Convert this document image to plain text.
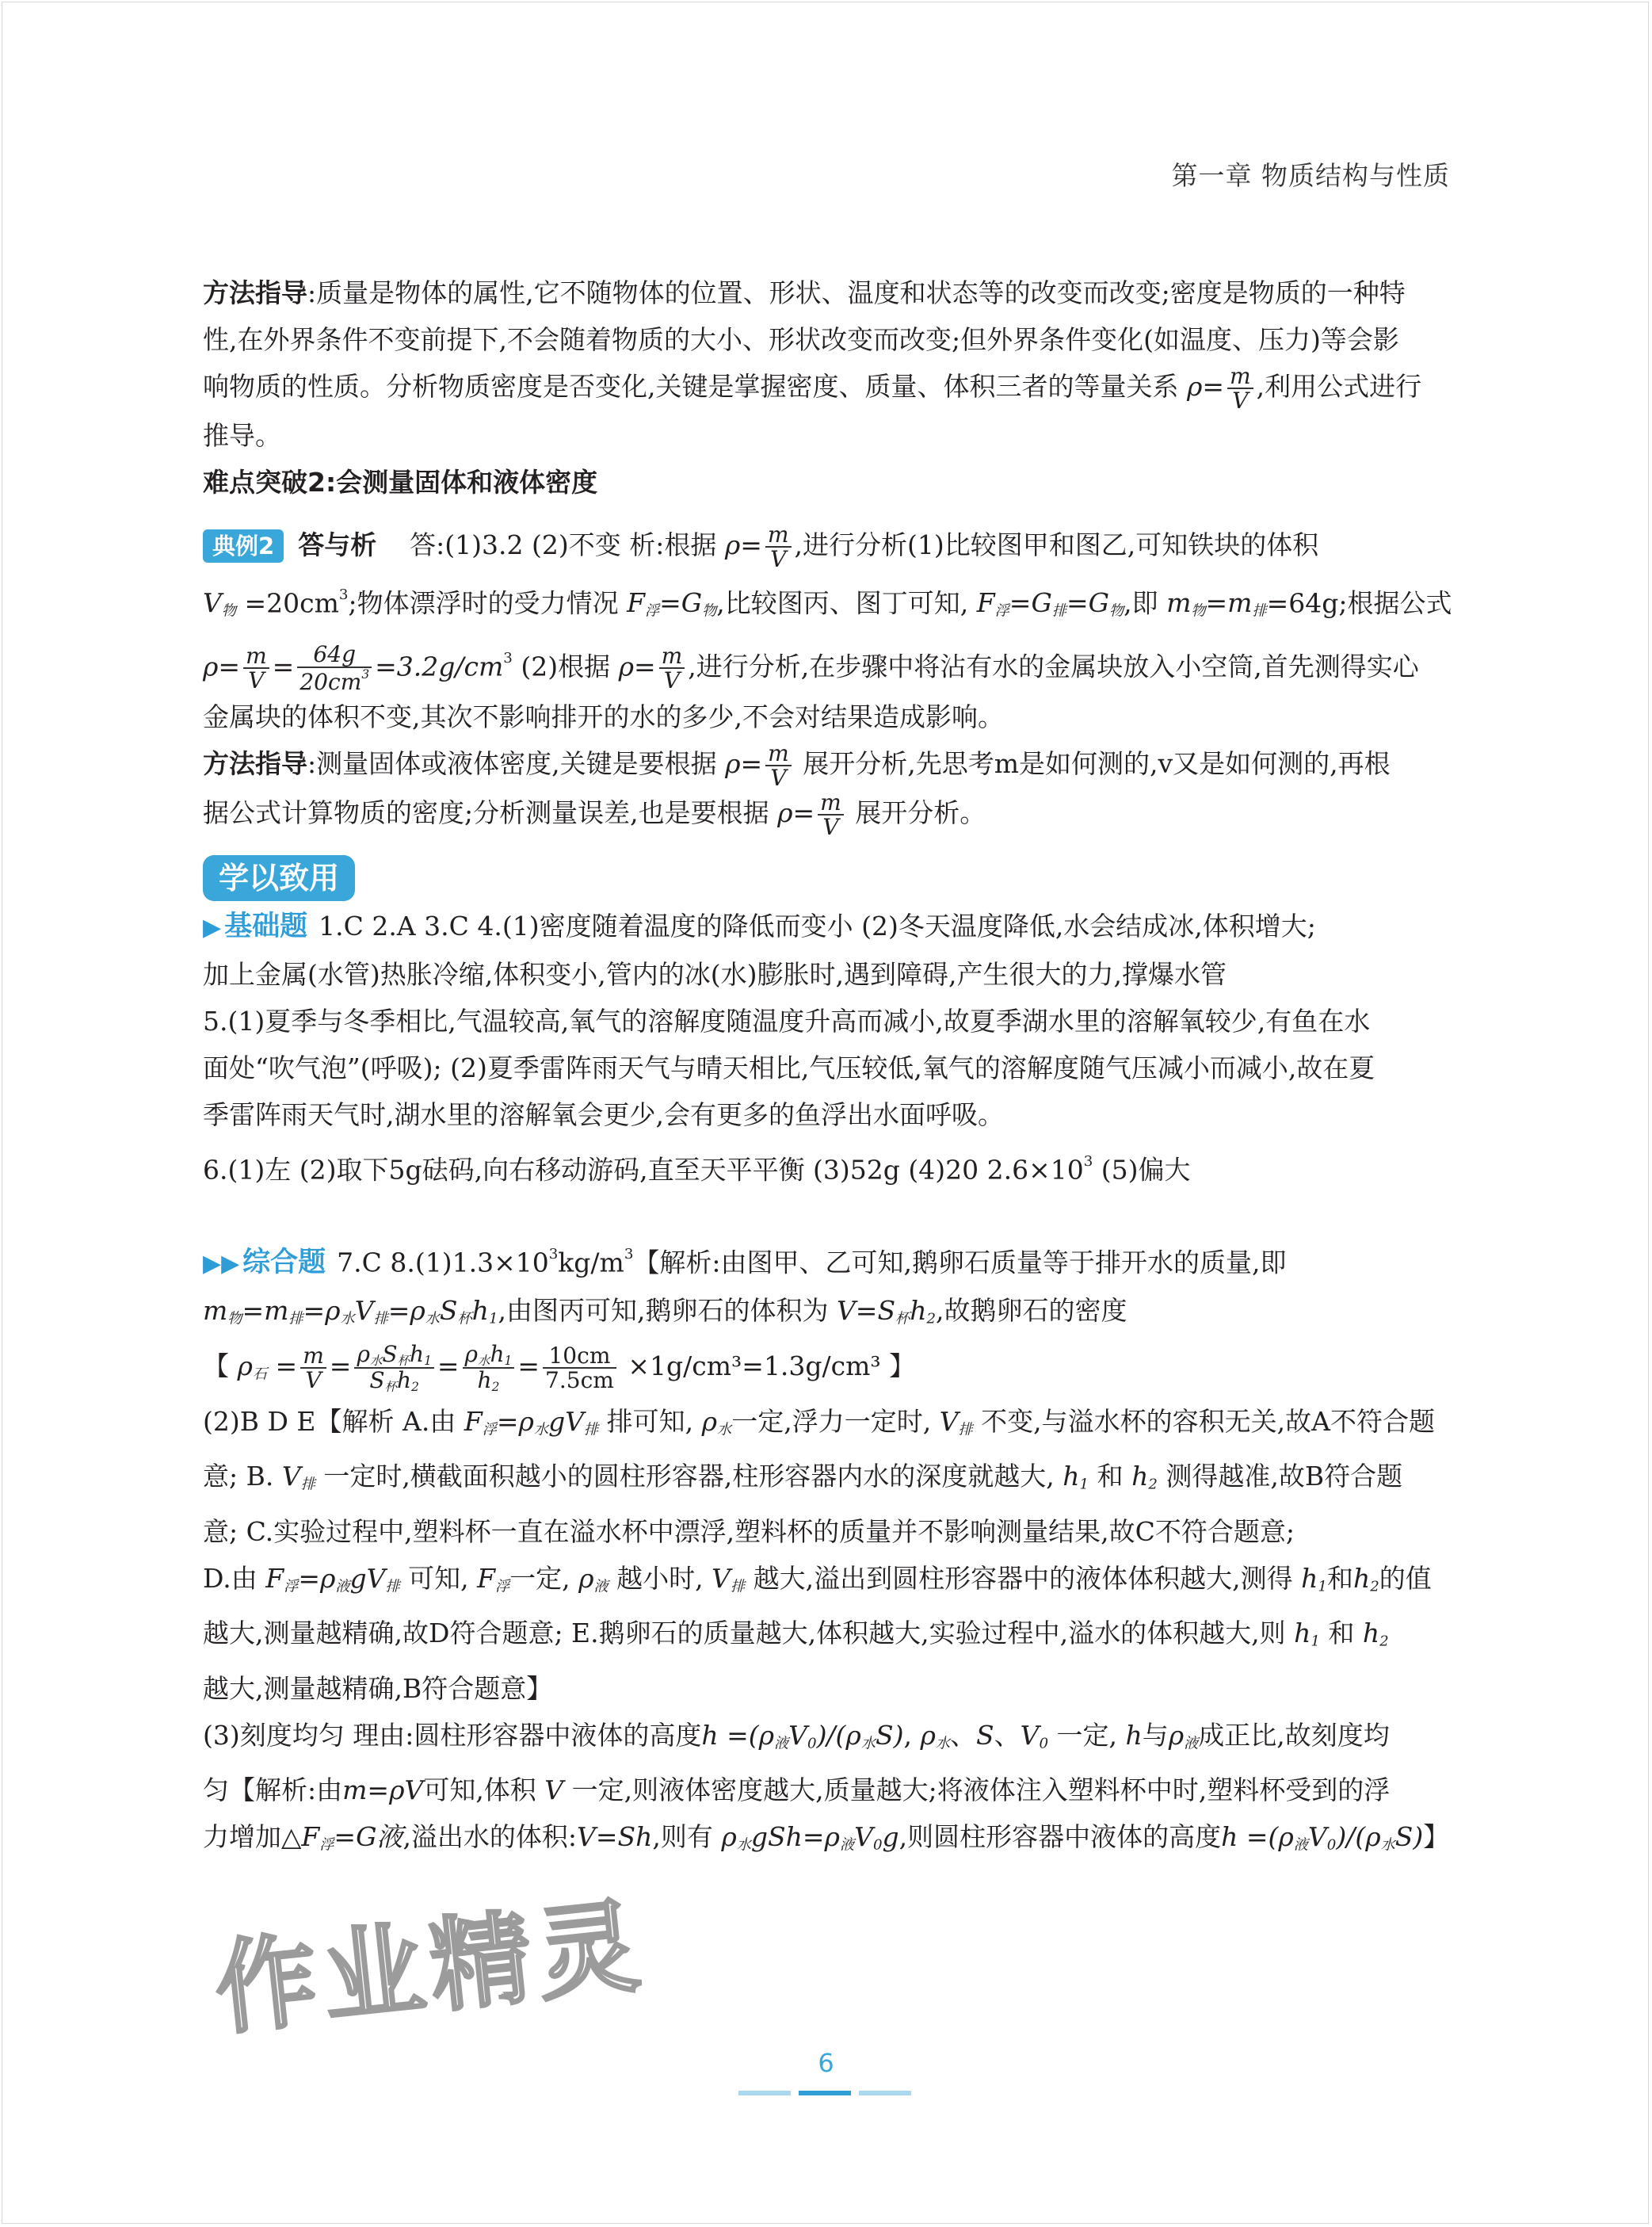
第一章 物质结构与性质

方法指导:质量是物体的属性,它不随物体的位置、形状、温度和状态等的改变而改变;密度是物质的一种特

性,在外界条件不变前提下,不会随着物质的大小、形状改变而改变;但外界条件变化(如温度、压力)等会影

响物质的性质。分析物质密度是否变化,关键是掌握密度、质量、体积三者的等量关系 $\rho= \frac{m}{V}$ ,利用公式进行

推导。

难点突破2:会测量固体和液体密度

典例2 答与析 答:(1)3.2 (2)不变 析:根据 $\rho= \frac{m}{V}$ ,进行分析(1)比较图甲和图乙,可知铁块的体积

$V_物 =20cm^3$;物体漂浮时的受力情况 $F_浮=G_物$,比较图丙、图丁可知, $F_浮=G_排=G_物$,即 $m_物=m_排=64g$;根据公式

$\rho= \frac{m}{V} = \frac{64g}{20cm^3} =3.2g/cm^3$ (2)根据 $\rho= \frac{m}{V}$ ,进行分析,在步骤中将沾有水的金属块放入小空筒,首先测得实心

金属块的体积不变,其次不影响排开的水的多少,不会对结果造成影响。

方法指导:测量固体或液体密度,关键是要根据 $\rho= \frac{m}{V}$ 展开分析,先思考m是如何测的,v又是如何测的,再根

据公式计算物质的密度;分析测量误差,也是要根据 $\rho= \frac{m}{V}$ 展开分析。

学以致用

▶ 基础题 1.C 2.A 3.C 4.(1)密度随着温度的降低而变小 (2)冬天温度降低,水会结成冰,体积增大;

加上金属(水管)热胀冷缩,体积变小,管内的冰(水)膨胀时,遇到障碍,产生很大的力,撑爆水管

5.(1)夏季与冬季相比,气温较高,氧气的溶解度随温度升高而减小,故夏季湖水里的溶解氧较少,有鱼在水

面处“吹气泡”(呼吸); (2)夏季雷阵雨天气与晴天相比,气压较低,氧气的溶解度随气压减小而减小,故在夏

季雷阵雨天气时,湖水里的溶解氧会更少,会有更多的鱼浮出水面呼吸。

6.(1)左 (2)取下5g砝码,向右移动游码,直至天平平衡 (3)52g (4)20 $2.6\times 10^3$ (5)偏大

▶▶ 综合题 7.C $8.(1)1.3\times 10^3kg/m^3$【解析:由图甲、乙可知,鹅卵石质量等于排开水的质量,即

$m_物=m_排=\rho_水V_排=\rho_水S_杯h_1$,由图丙可知,鹅卵石的体积为 $V=S_杯h_2$,故鹅卵石的密度

【 $\rho_石 = \frac{m}{V} = \frac{\rho_水S_杯h_1}{S_杯h_2} = \frac{\rho_水h_1}{h_2} = \frac{10cm}{7.5cm} \times 1g/cm^3=1.3g/cm^3$ 】

(2)B D E【解析 A.由 $F_浮=\rho_水gV_排$ 排可知, $\rho_水$一定,浮力一定时, $V_排$ 不变,与溢水杯的容积无关,故A不符合题

意; B. $V_排$ 一定时,横截面积越小的圆柱形容器,柱形容器内水的深度就越大, $h_1$ 和 $h_2$ 测得越准,故B符合题

意; C.实验过程中,塑料杯一直在溢水杯中漂浮,塑料杯的质量并不影响测量结果,故C不符合题意;

D.由 $F_浮=\rho_液gV_排$ 可知, $F_浮$一定, $\rho_液$ 越小时, $V_排$ 越大,溢出到圆柱形容器中的液体体积越大,测得 $h_1$和$h_2$的值

越大,测量越精确,故D符合题意; E.鹅卵石的质量越大,体积越大,实验过程中,溢水的体积越大,则 $h_1$ 和 $h_2$

越大,测量越精确,B符合题意】

(3)刻度均匀 理由:圆柱形容器中液体的高度$h =(\rho_液V_0)/(\rho_水S)$, $\rho_水$、S、$V_0$ 一定, h与$\rho_液$成正比,故刻度均

匀【解析:由m=ρV可知,体积 V 一定,则液体密度越大,质量越大;将液体注入塑料杯中时,塑料杯受到的浮

力增加$\triangle F_浮=G$液,溢出水的体积:V=Sh,则有 $\rho_水gSh=\rho_液V_0g$,则圆柱形容器中液体的高度$h =(\rho_液V_0)/(\rho_水S)$】

作业精灵
6
